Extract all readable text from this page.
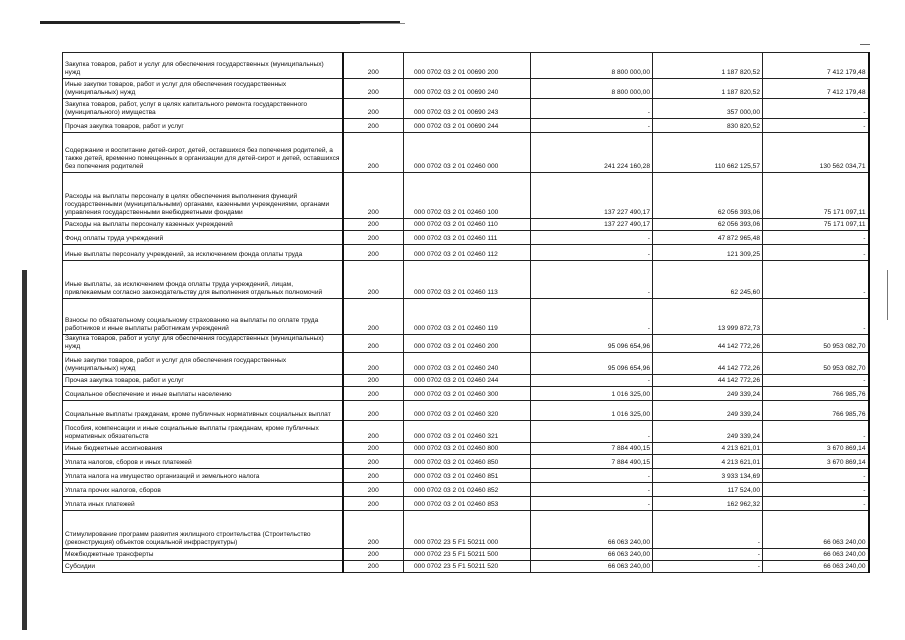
Закупка товаров, работ и услуг для обеспечения государственных (муниципальных) нужд	200	000 0702 03 2 01 00690 200	8 800 000,00	1 187 820,52	7 412 179,48
Иные закупки товаров, работ и услуг для обеспечения государственных (муниципальных) нужд	200	000 0702 03 2 01 00690 240	8 800 000,00	1 187 820,52	7 412 179,48
Закупка товаров, работ, услуг в целях капитального ремонта государственного (муниципального) имущества	200	000 0702 03 2 01 00690 243	-	357 000,00	-
Прочая закупка товаров, работ и услуг	200	000 0702 03 2 01 00690 244	-	830 820,52	-
Содержание и воспитание детей-сирот, детей, оставшихся без попечения родителей, а также детей, временно помещенных в организации для детей-сирот и детей, оставшихся без попечения родителей	200	000 0702 03 2 01 02460 000	241 224 160,28	110 662 125,57	130 562 034,71
Расходы на выплаты персоналу в целях обеспечения выполнения функций государственными (муниципальными) органами, казенными учреждениями, органами управления государственными внебюджетными фондами	200	000 0702 03 2 01 02460 100	137 227 490,17	62 056 393,06	75 171 097,11
Расходы на выплаты персоналу казенных учреждений	200	000 0702 03 2 01 02460 110	137 227 490,17	62 056 393,06	75 171 097,11
Фонд оплаты труда учреждений	200	000 0702 03 2 01 02460 111	-	47 872 965,48	-
Иные выплаты персоналу учреждений, за исключением фонда оплаты труда	200	000 0702 03 2 01 02460 112	-	121 309,25	-
Иные выплаты, за исключением фонда оплаты труда учреждений, лицам, привлекаемым согласно законодательству для выполнения отдельных полномочий	200	000 0702 03 2 01 02460 113	-	62 245,60	-
Взносы по обязательному социальному страхованию на выплаты по оплате труда работников и иные выплаты работникам учреждений	200	000 0702 03 2 01 02460 119	-	13 999 872,73	-
Закупка товаров, работ и услуг для обеспечения государственных (муниципальных) нужд	200	000 0702 03 2 01 02460 200	95 096 654,96	44 142 772,26	50 953 082,70
Иные закупки товаров, работ и услуг для обеспечения государственных (муниципальных) нужд	200	000 0702 03 2 01 02460 240	95 096 654,96	44 142 772,26	50 953 082,70
Прочая закупка товаров, работ и услуг	200	000 0702 03 2 01 02460 244	-	44 142 772,26	-
Социальное обеспечение и иные выплаты населению	200	000 0702 03 2 01 02460 300	1 016 325,00	249 339,24	766 985,76
Социальные выплаты гражданам, кроме публичных нормативных социальных выплат	200	000 0702 03 2 01 02460 320	1 016 325,00	249 339,24	766 985,76
Пособия, компенсации и иные социальные выплаты гражданам, кроме публичных нормативных обязательств	200	000 0702 03 2 01 02460 321	-	249 339,24	-
Иные бюджетные ассигнования	200	000 0702 03 2 01 02460 800	7 884 490,15	4 213 621,01	3 670 869,14
Уплата налогов, сборов и иных платежей	200	000 0702 03 2 01 02460 850	7 884 490,15	4 213 621,01	3 670 869,14
Уплата налога на имущество организаций и земельного налога	200	000 0702 03 2 01 02460 851	-	3 933 134,69	-
Уплата прочих налогов, сборов	200	000 0702 03 2 01 02460 852	-	117 524,00	-
Уплата иных платежей	200	000 0702 03 2 01 02460 853	-	162 962,32	-
Стимулирование программ развития жилищного строительства (Строительство (реконструкция) объектов социальной инфраструктуры)	200	000 0702 23 5 F1 50211 000	66 063 240,00	-	66 063 240,00
Межбюджетные трансферты	200	000 0702 23 5 F1 50211 500	66 063 240,00	-	66 063 240,00
Субсидии	200	000 0702 23 5 F1 50211 520	66 063 240,00	-	66 063 240,00
